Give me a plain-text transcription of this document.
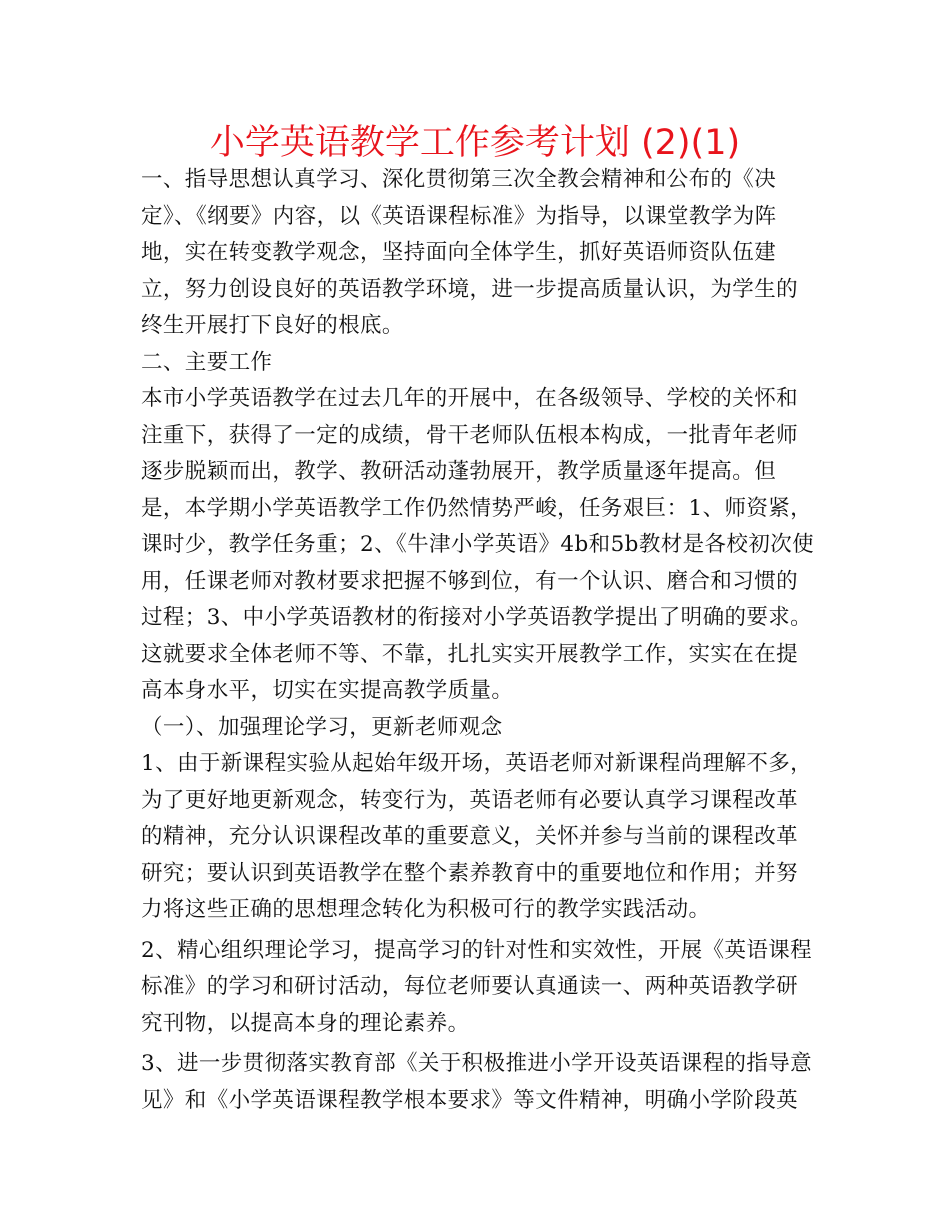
小学英语教学工作参考计划 (2)(1)

一、指导思想认真学习、深化贯彻第三次全教会精神和公布的《决定》、《纲要》内容，以《英语课程标准》为指导，以课堂教学为阵地，实在转变教学观念，坚持面向全体学生，抓好英语师资队伍建立，努力创设良好的英语教学环境，进一步提高质量认识，为学生的终生开展打下良好的根底。

二、主要工作

本市小学英语教学在过去几年的开展中，在各级领导、学校的关怀和注重下，获得了一定的成绩，骨干老师队伍根本构成，一批青年老师逐步脱颖而出，教学、教研活动蓬勃展开，教学质量逐年提高。但是，本学期小学英语教学工作仍然情势严峻，任务艰巨：1、师资紧，课时少，教学任务重；2、《牛津小学英语》4b和5b教材是各校初次使用，任课老师对教材要求把握不够到位，有一个认识、磨合和习惯的过程；3、中小学英语教材的衔接对小学英语教学提出了明确的要求。这就要求全体老师不等、不靠，扎扎实实开展教学工作，实实在在提高本身水平，切实在实提高教学质量。

（一）、加强理论学习，更新老师观念

1、由于新课程实验从起始年级开场，英语老师对新课程尚理解不多，为了更好地更新观念，转变行为，英语老师有必要认真学习课程改革的精神，充分认识课程改革的重要意义，关怀并参与当前的课程改革研究；要认识到英语教学在整个素养教育中的重要地位和作用；并努力将这些正确的思想理念转化为积极可行的教学实践活动。

2、精心组织理论学习，提高学习的针对性和实效性，开展《英语课程标准》的学习和研讨活动，每位老师要认真通读一、两种英语教学研究刊物，以提高本身的理论素养。

3、进一步贯彻落实教育部《关于积极推进小学开设英语课程的指导意见》和《小学英语课程教学根本要求》等文件精神，明确小学阶段英
